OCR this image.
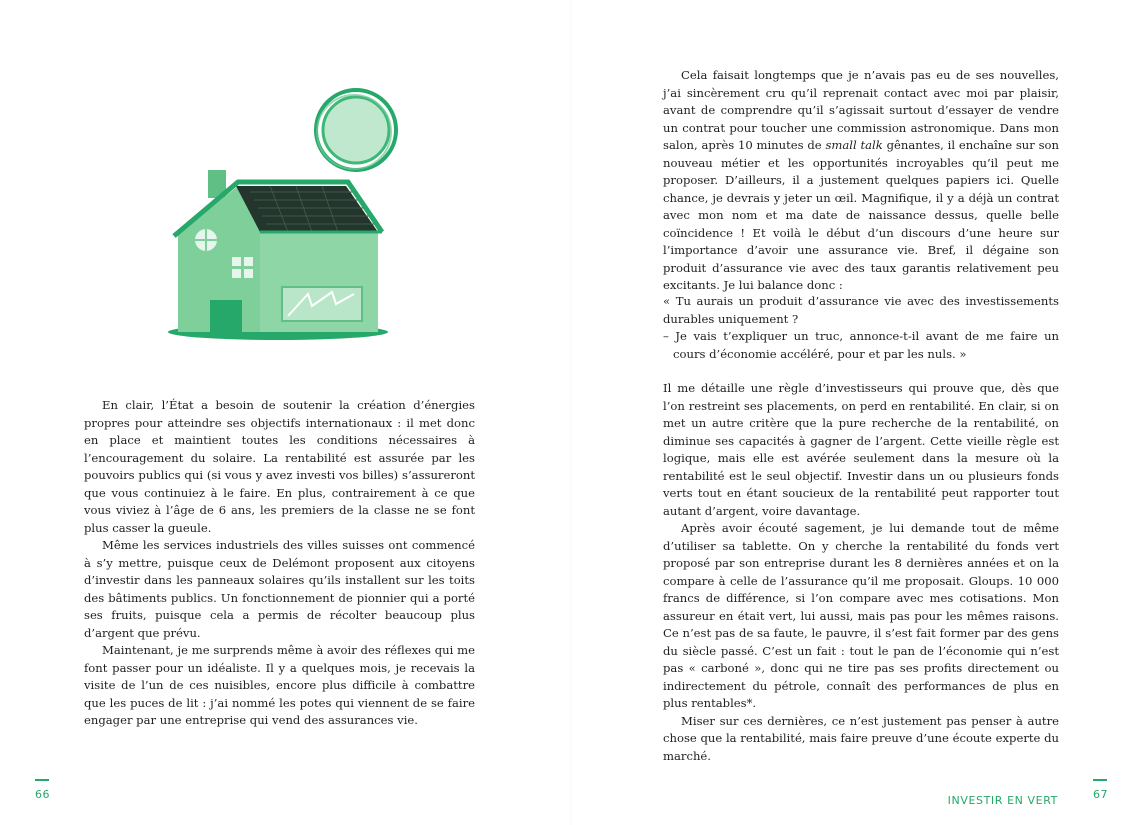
En clair, l’État a besoin de soutenir la création d’énergies propres pour atteindre ses objectifs internationaux : il met donc en place et maintient toutes les conditions nécessaires à l’encouragement du solaire. La rentabilité est assurée par les pouvoirs publics qui (si vous y avez investi vos billes) s’assureront que vous continuiez à le faire. En plus, contrairement à ce que vous viviez à l’âge de 6 ans, les premiers de la classe ne se font plus casser la gueule.

Même les services industriels des villes suisses ont commencé à s’y mettre, puisque ceux de Delémont proposent aux citoyens d’investir dans les panneaux solaires qu’ils installent sur les toits des bâtiments publics. Un fonctionnement de pionnier qui a porté ses fruits, puisque cela a permis de récolter beaucoup plus d’argent que prévu.

Maintenant, je me surprends même à avoir des réflexes qui me font passer pour un idéaliste. Il y a quelques mois, je recevais la visite de l’un de ces nuisibles, encore plus difficile à combattre que les puces de lit : j’ai nommé les potes qui viennent de se faire engager par une entreprise qui vend des assurances vie.

66

Cela faisait longtemps que je n’avais pas eu de ses nouvelles, j’ai sincèrement cru qu’il reprenait contact avec moi par plaisir, avant de comprendre qu’il s’agissait surtout d’essayer de vendre un contrat pour toucher une commission astronomique. Dans mon salon, après 10 minutes de small talk gênantes, il enchaîne sur son nouveau métier et les opportunités incroyables qu’il peut me proposer. D’ailleurs, il a justement quelques papiers ici. Quelle chance, je devrais y jeter un œil. Magnifique, il y a déjà un contrat avec mon nom et ma date de naissance dessus, quelle belle coïncidence ! Et voilà le début d’un discours d’une heure sur l’importance d’avoir une assurance vie. Bref, il dégaine son produit d’assurance vie avec des taux garantis relativement peu excitants. Je lui balance donc :

« Tu aurais un produit d’assurance vie avec des investissements durables uniquement ?

– Je vais t’expliquer un truc, annonce-t-il avant de me faire un cours d’économie accéléré, pour et par les nuls. »

Il me détaille une règle d’investisseurs qui prouve que, dès que l’on restreint ses placements, on perd en rentabilité. En clair, si on met un autre critère que la pure recherche de la rentabilité, on diminue ses capacités à gagner de l’argent. Cette vieille règle est logique, mais elle est avérée seulement dans la mesure où la rentabilité est le seul objectif. Investir dans un ou plusieurs fonds verts tout en étant soucieux de la rentabilité peut rapporter tout autant d’argent, voire davantage.

Après avoir écouté sagement, je lui demande tout de même d’utiliser sa tablette. On y cherche la rentabilité du fonds vert proposé par son entreprise durant les 8 dernières années et on la compare à celle de l’assurance qu’il me proposait. Gloups. 10 000 francs de différence, si l’on compare avec mes cotisations. Mon assureur en était vert, lui aussi, mais pas pour les mêmes raisons. Ce n’est pas de sa faute, le pauvre, il s’est fait former par des gens du siècle passé. C’est un fait : tout le pan de l’économie qui n’est pas « carboné », donc qui ne tire pas ses profits directement ou indirectement du pétrole, connaît des performances de plus en plus rentables*.

Miser sur ces dernières, ce n’est justement pas penser à autre chose que la rentabilité, mais faire preuve d’une écoute experte du marché.

INVESTIR EN VERT	67
